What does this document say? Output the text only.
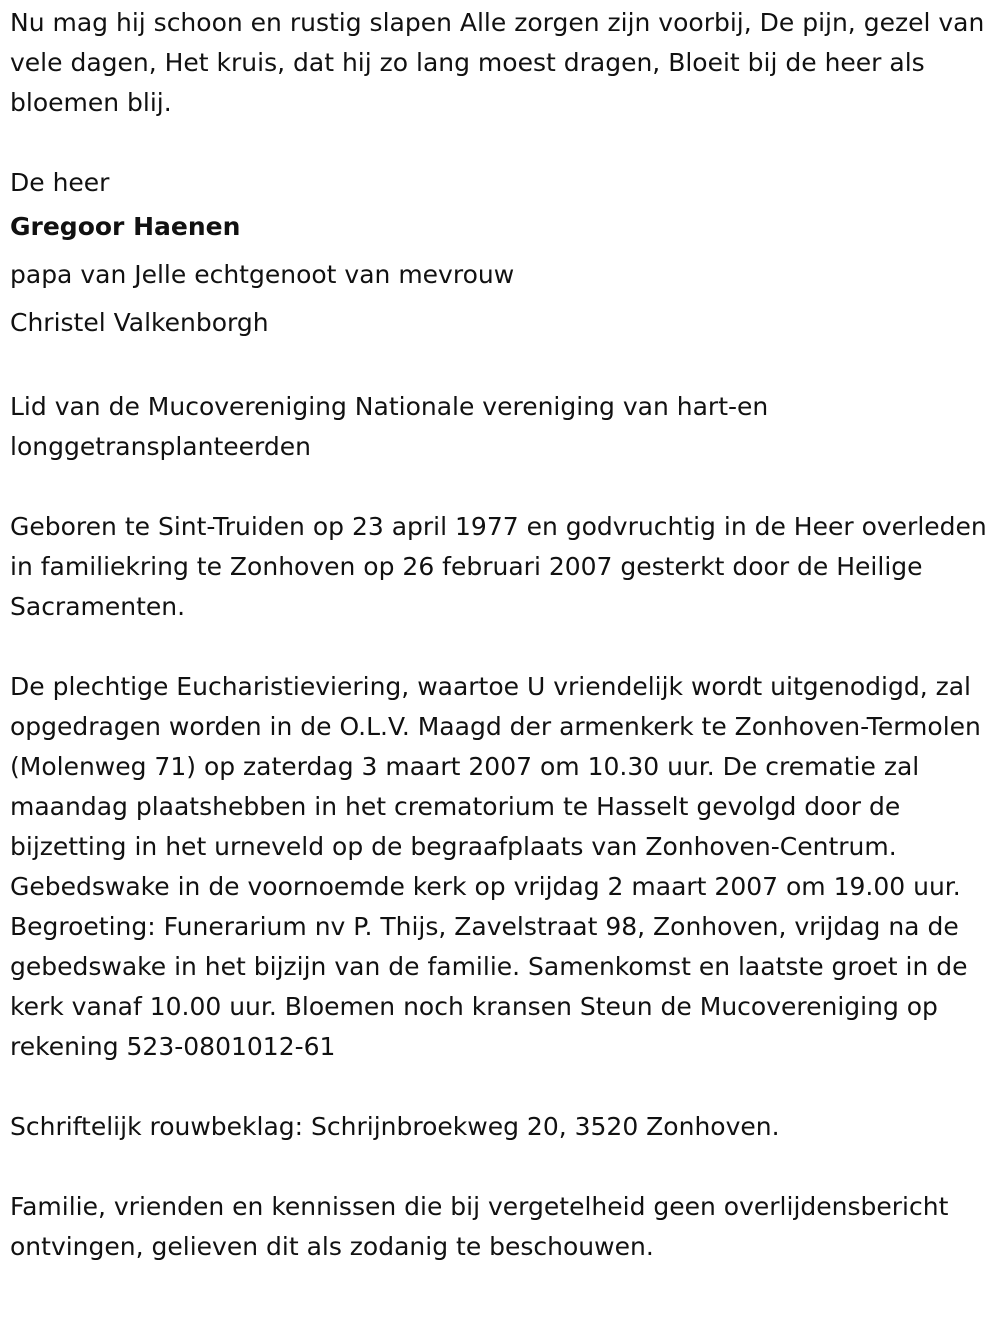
Nu mag hij schoon en rustig slapen Alle zorgen zijn voorbij, De pijn, gezel van vele dagen, Het kruis, dat hij zo lang moest dragen, Bloeit bij de heer als bloemen blij.

De heer

Gregoor Haenen

papa van Jelle echtgenoot van mevrouw

Christel Valkenborgh

Lid van de Mucovereniging Nationale vereniging van hart-en longgetransplanteerden

Geboren te Sint-Truiden op 23 april 1977 en godvruchtig in de Heer overleden in familiekring te Zonhoven op 26 februari 2007 gesterkt door de Heilige Sacramenten.

De plechtige Eucharistieviering, waartoe U vriendelijk wordt uitgenodigd, zal opgedragen worden in de O.L.V. Maagd der armenkerk te Zonhoven-Termolen (Molenweg 71) op zaterdag 3 maart 2007 om 10.30 uur. De crematie zal maandag plaatshebben in het crematorium te Hasselt gevolgd door de bijzetting in het urneveld op de begraafplaats van Zonhoven-Centrum. Gebedswake in de voornoemde kerk op vrijdag 2 maart 2007 om 19.00 uur. Begroeting: Funerarium nv P. Thijs, Zavelstraat 98, Zonhoven, vrijdag na de gebedswake in het bijzijn van de familie. Samenkomst en laatste groet in de kerk vanaf 10.00 uur. Bloemen noch kransen Steun de Mucovereniging op rekening 523-0801012-61

Schriftelijk rouwbeklag: Schrijnbroekweg 20, 3520 Zonhoven.

Familie, vrienden en kennissen die bij vergetelheid geen overlijdensbericht ontvingen, gelieven dit als zodanig te beschouwen.
